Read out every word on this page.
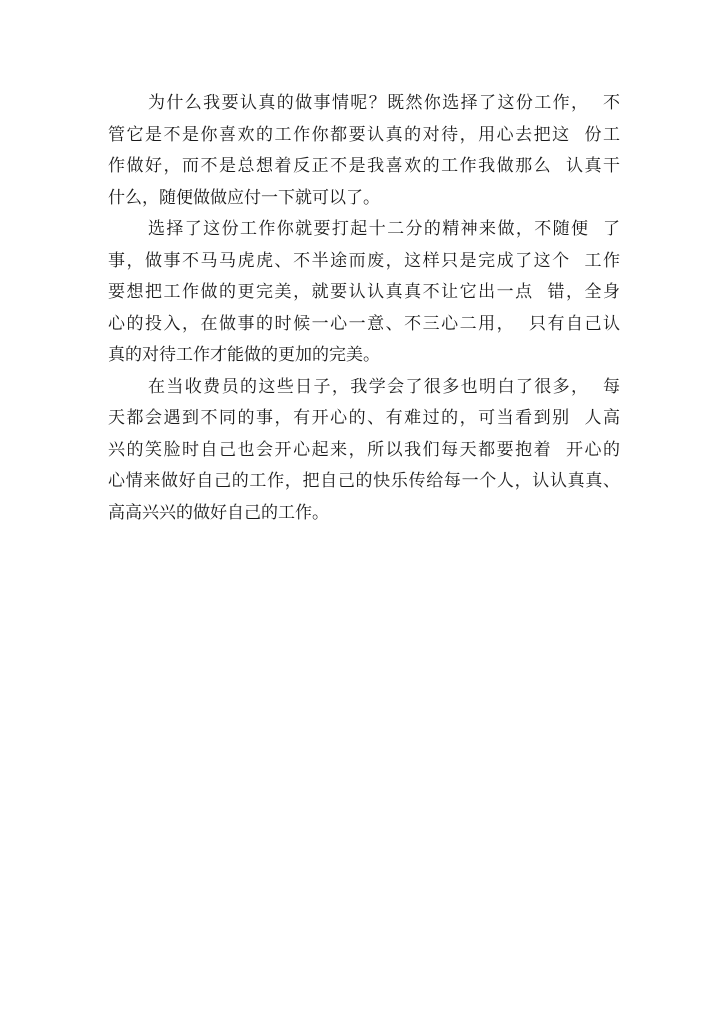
为什么我要认真的做事情呢？既然你选择了这份工作，  不
管它是不是你喜欢的工作你都要认真的对待，用心去把这  份工
作做好，而不是总想着反正不是我喜欢的工作我做那么  认真干
什么，随便做做应付一下就可以了。

选择了这份工作你就要打起十二分的精神来做，不随便  了
事，做事不马马虎虎、不半途而废，这样只是完成了这个  工作
要想把工作做的更完美，就要认认真真不让它出一点  错，全身
心的投入，在做事的时候一心一意、不三心二用，  只有自己认
真的对待工作才能做的更加的完美。

在当收费员的这些日子，我学会了很多也明白了很多，  每
天都会遇到不同的事，有开心的、有难过的，可当看到别  人高
兴的笑脸时自己也会开心起来，所以我们每天都要抱着  开心的
心情来做好自己的工作，把自己的快乐传给每一个人，认认真真、
高高兴兴的做好自己的工作。
